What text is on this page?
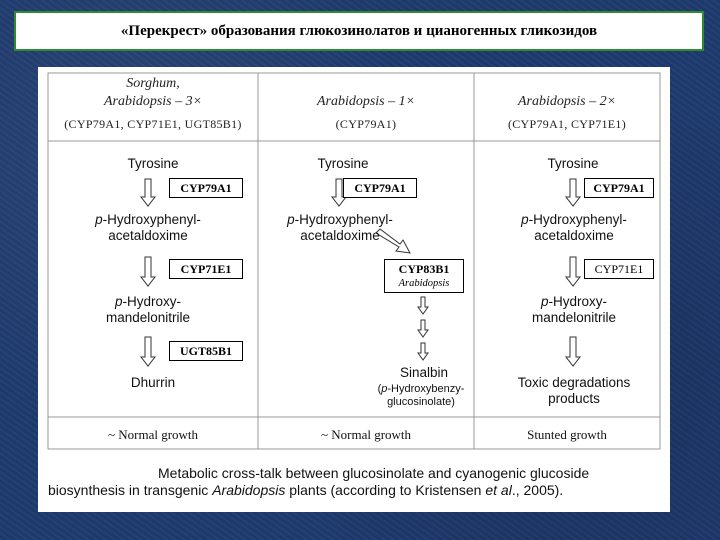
«Перекрест» образования глюкозинолатов и цианогенных гликозидов
Sorghum,
Arabidopsis – 3×
(CYP79A1, CYP71E1, UGT85B1)
Arabidopsis – 1×
(CYP79A1)
Arabidopsis – 2×
(CYP79A1, CYP71E1)
Tyrosine
CYP79A1
p-Hydroxyphenyl-
acetaldoxime
CYP71E1
p-Hydroxy-
mandelonitrile
UGT85B1
Dhurrin
Tyrosine
CYP79A1
p-Hydroxyphenyl-
acetaldoxime
CYP83B1
Arabidopsis
Sinalbin
(p-Hydroxybenzy-
glucosinolate)
Tyrosine
CYP79A1
p-Hydroxyphenyl-
acetaldoxime
CYP71E1
p-Hydroxy-
mandelonitrile
Toxic degradations
products
~ Normal growth	~ Normal growth	Stunted growth
Metabolic cross-talk between glucosinolate and cyanogenic glucoside
biosynthesis in transgenic Arabidopsis plants (according to Kristensen et al., 2005).
